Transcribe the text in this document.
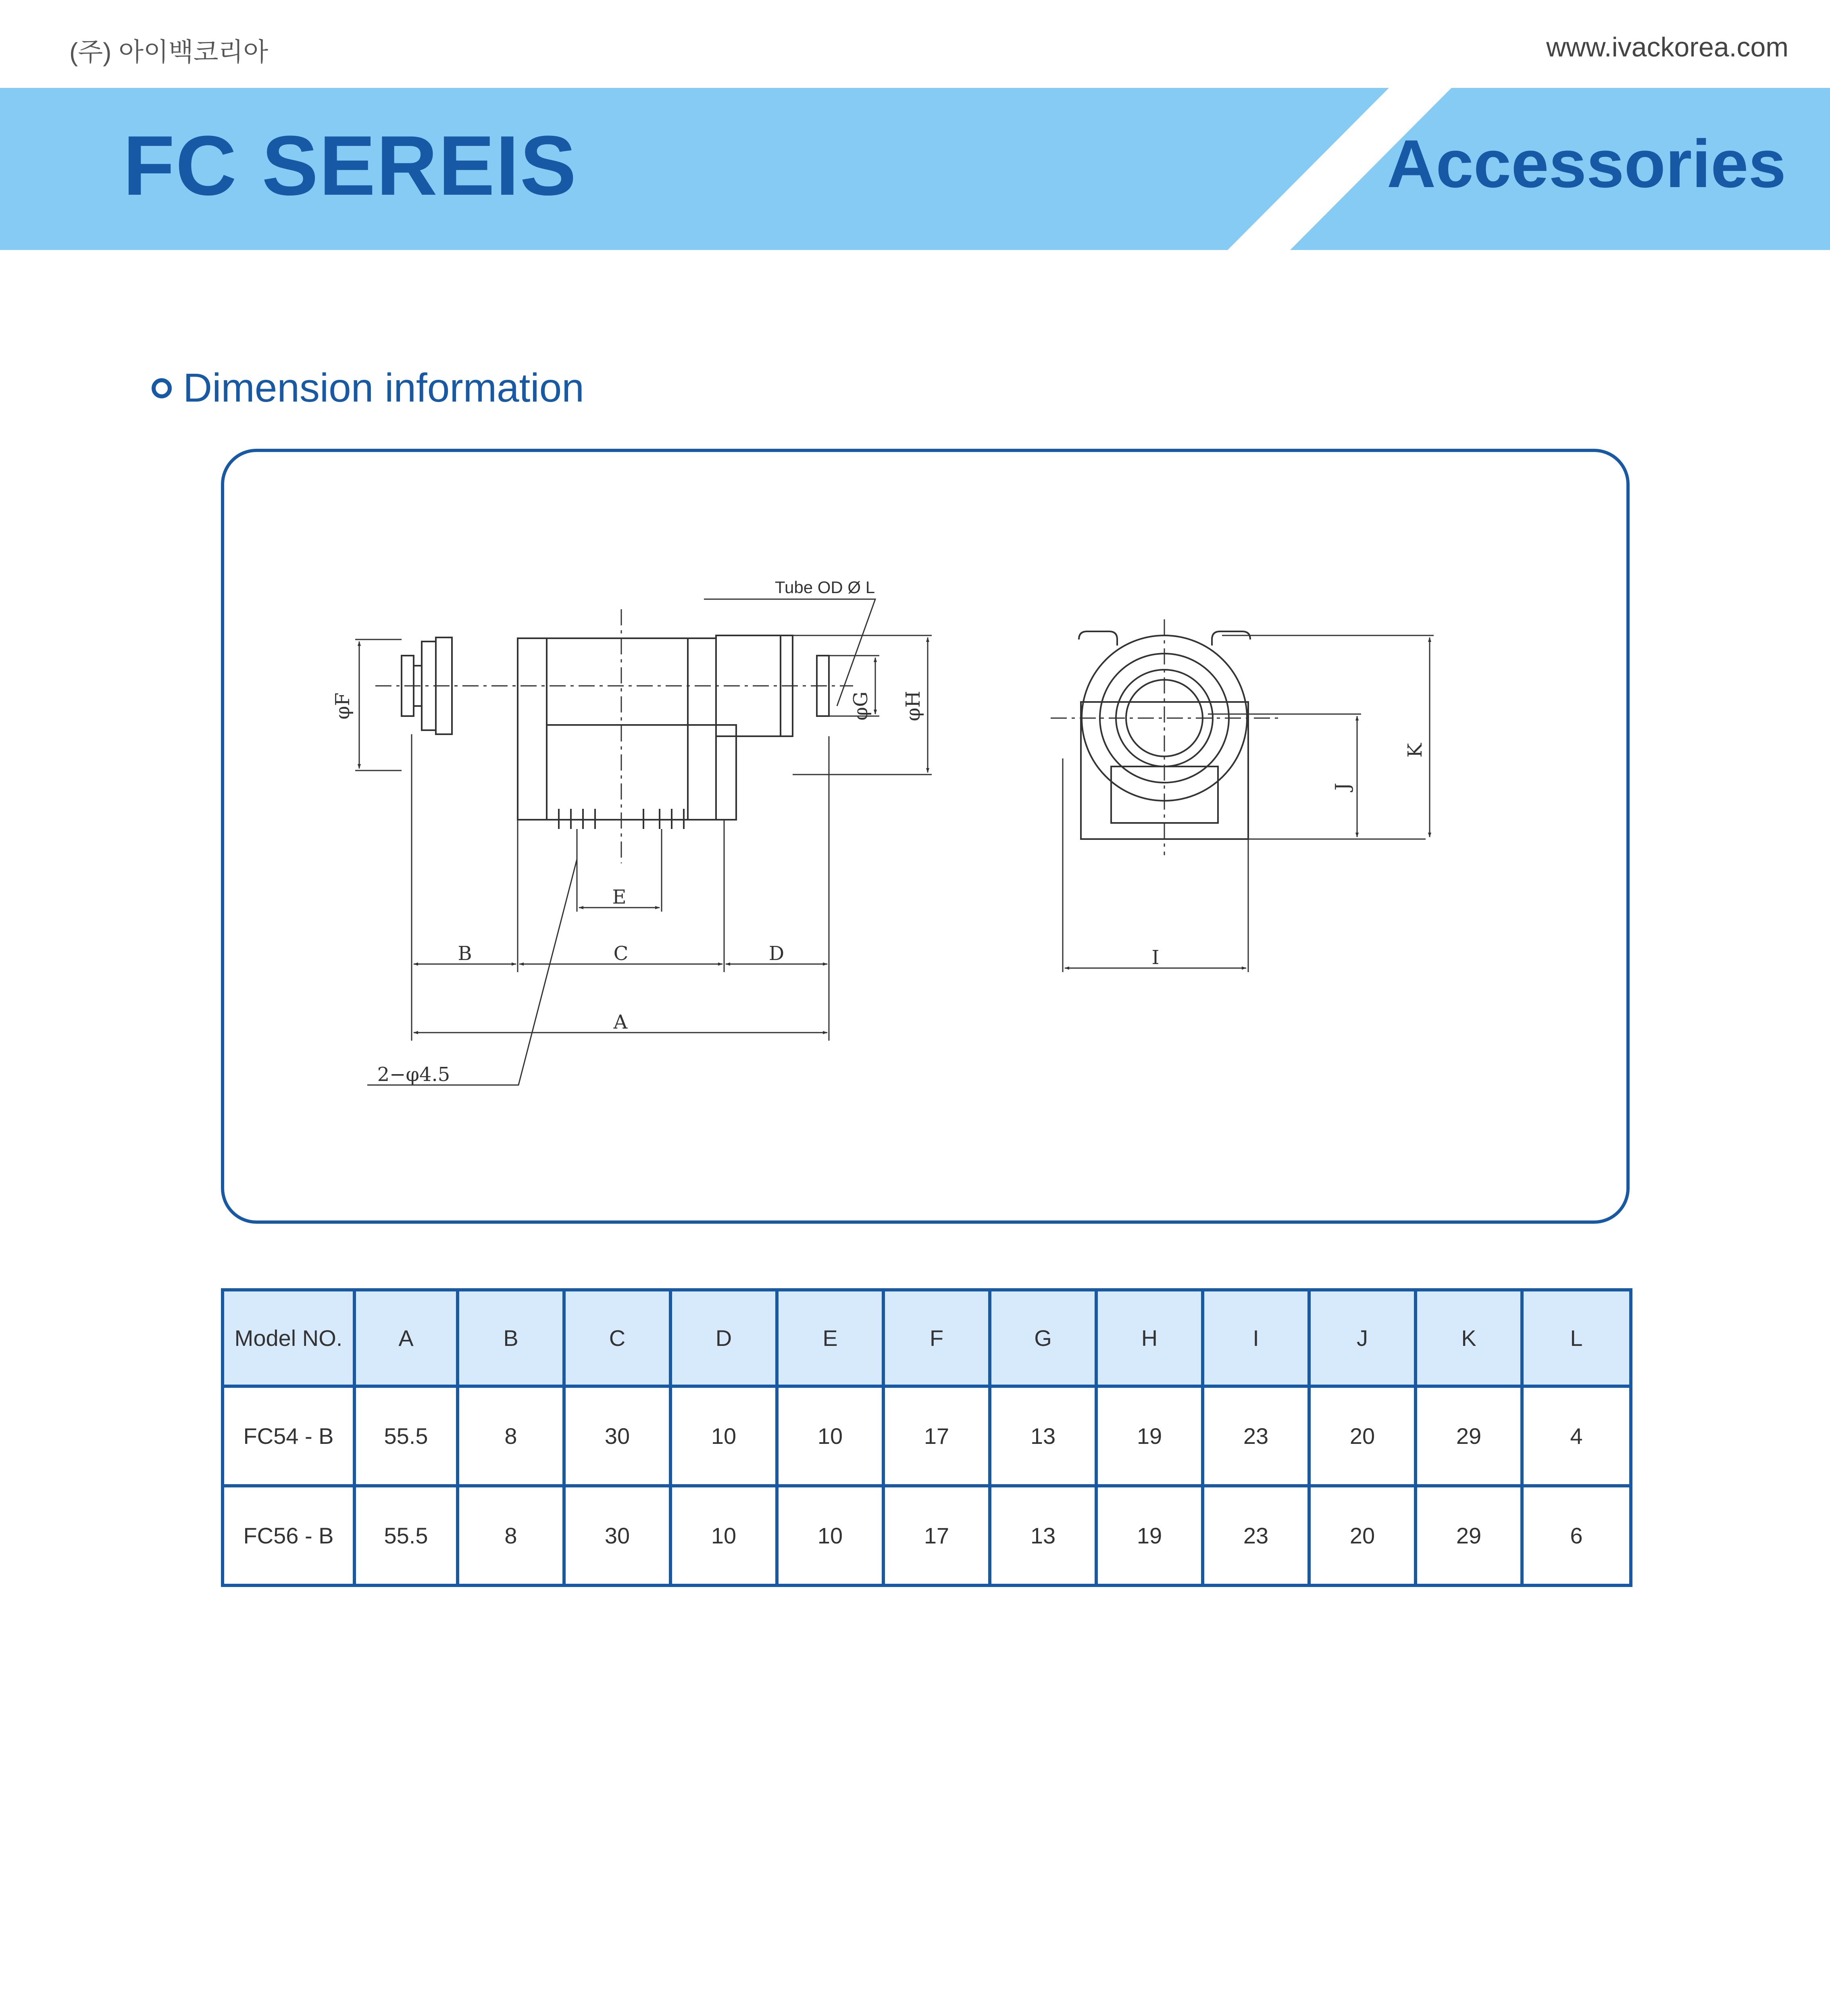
(주) 아이백코리아	www.ivackorea.com
FC SEREIS	Accessories
Dimension information
Tube OD Ø L
φF	φG φH
E
B	C	D
A
2−φ4.5
I
J
K
Model NO.	A	B	C	D	E	F	G	H	I	J	K	L
FC54 - B	55.5	8	30	10	10	17	13	19	23	20	29	4
FC56 - B	55.5	8	30	10	10	17	13	19	23	20	29	6
